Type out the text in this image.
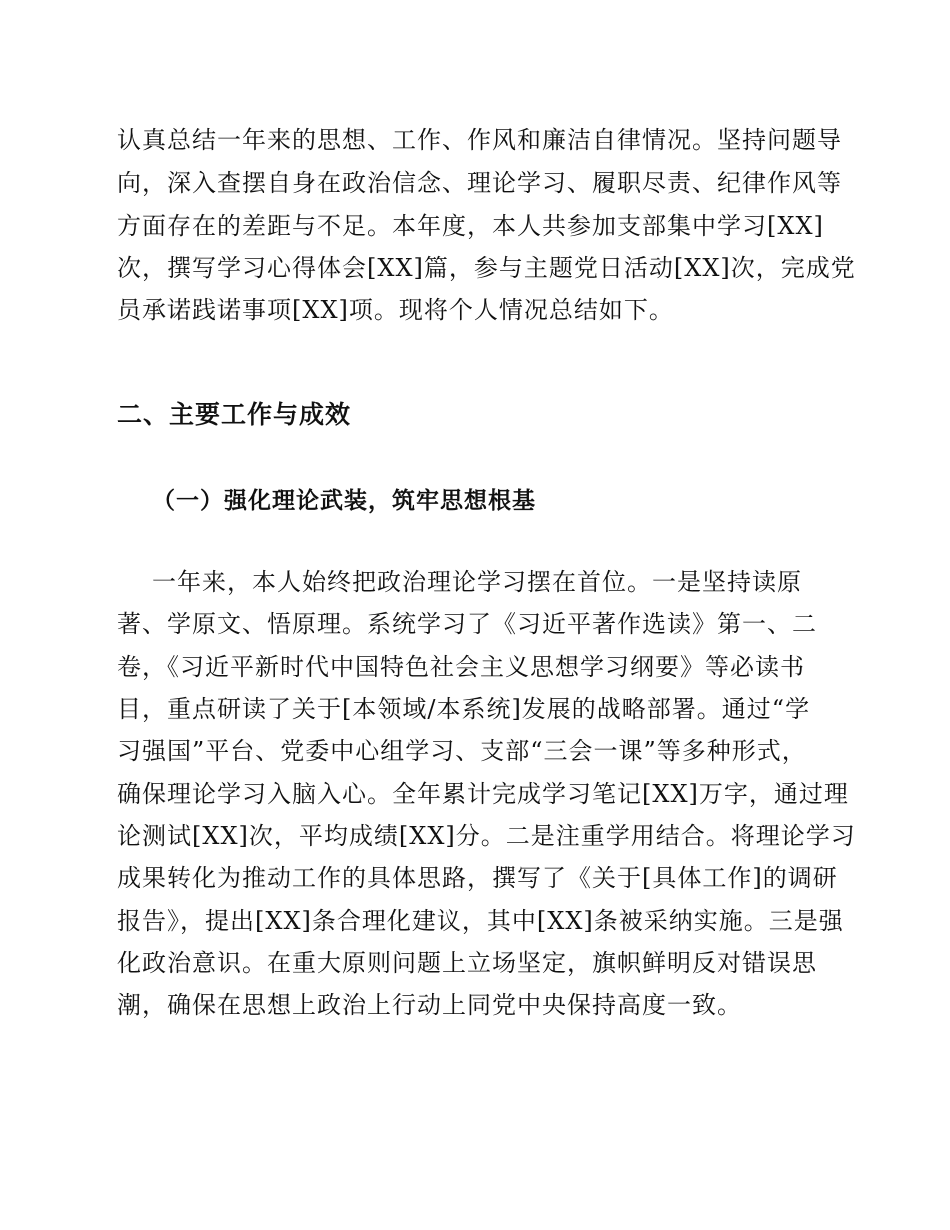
认真总结一年来的思想、工作、作风和廉洁自律情况。坚持问题导
向，深入查摆自身在政治信念、理论学习、履职尽责、纪律作风等
方面存在的差距与不足。本年度，本人共参加支部集中学习[XX]
次，撰写学习心得体会[XX]篇，参与主题党日活动[XX]次，完成党
员承诺践诺事项[XX]项。现将个人情况总结如下。
二、主要工作与成效
（一）强化理论武装，筑牢思想根基
一年来，本人始终把政治理论学习摆在首位。一是坚持读原
著、学原文、悟原理。系统学习了《习近平著作选读》第一、二
卷，《习近平新时代中国特色社会主义思想学习纲要》等必读书
目，重点研读了关于[本领域/本系统]发展的战略部署。通过“学
习强国”平台、党委中心组学习、支部“三会一课”等多种形式，
确保理论学习入脑入心。全年累计完成学习笔记[XX]万字，通过理
论测试[XX]次，平均成绩[XX]分。二是注重学用结合。将理论学习
成果转化为推动工作的具体思路，撰写了《关于[具体工作]的调研
报告》，提出[XX]条合理化建议，其中[XX]条被采纳实施。三是强
化政治意识。在重大原则问题上立场坚定，旗帜鲜明反对错误思
潮，确保在思想上政治上行动上同党中央保持高度一致。
